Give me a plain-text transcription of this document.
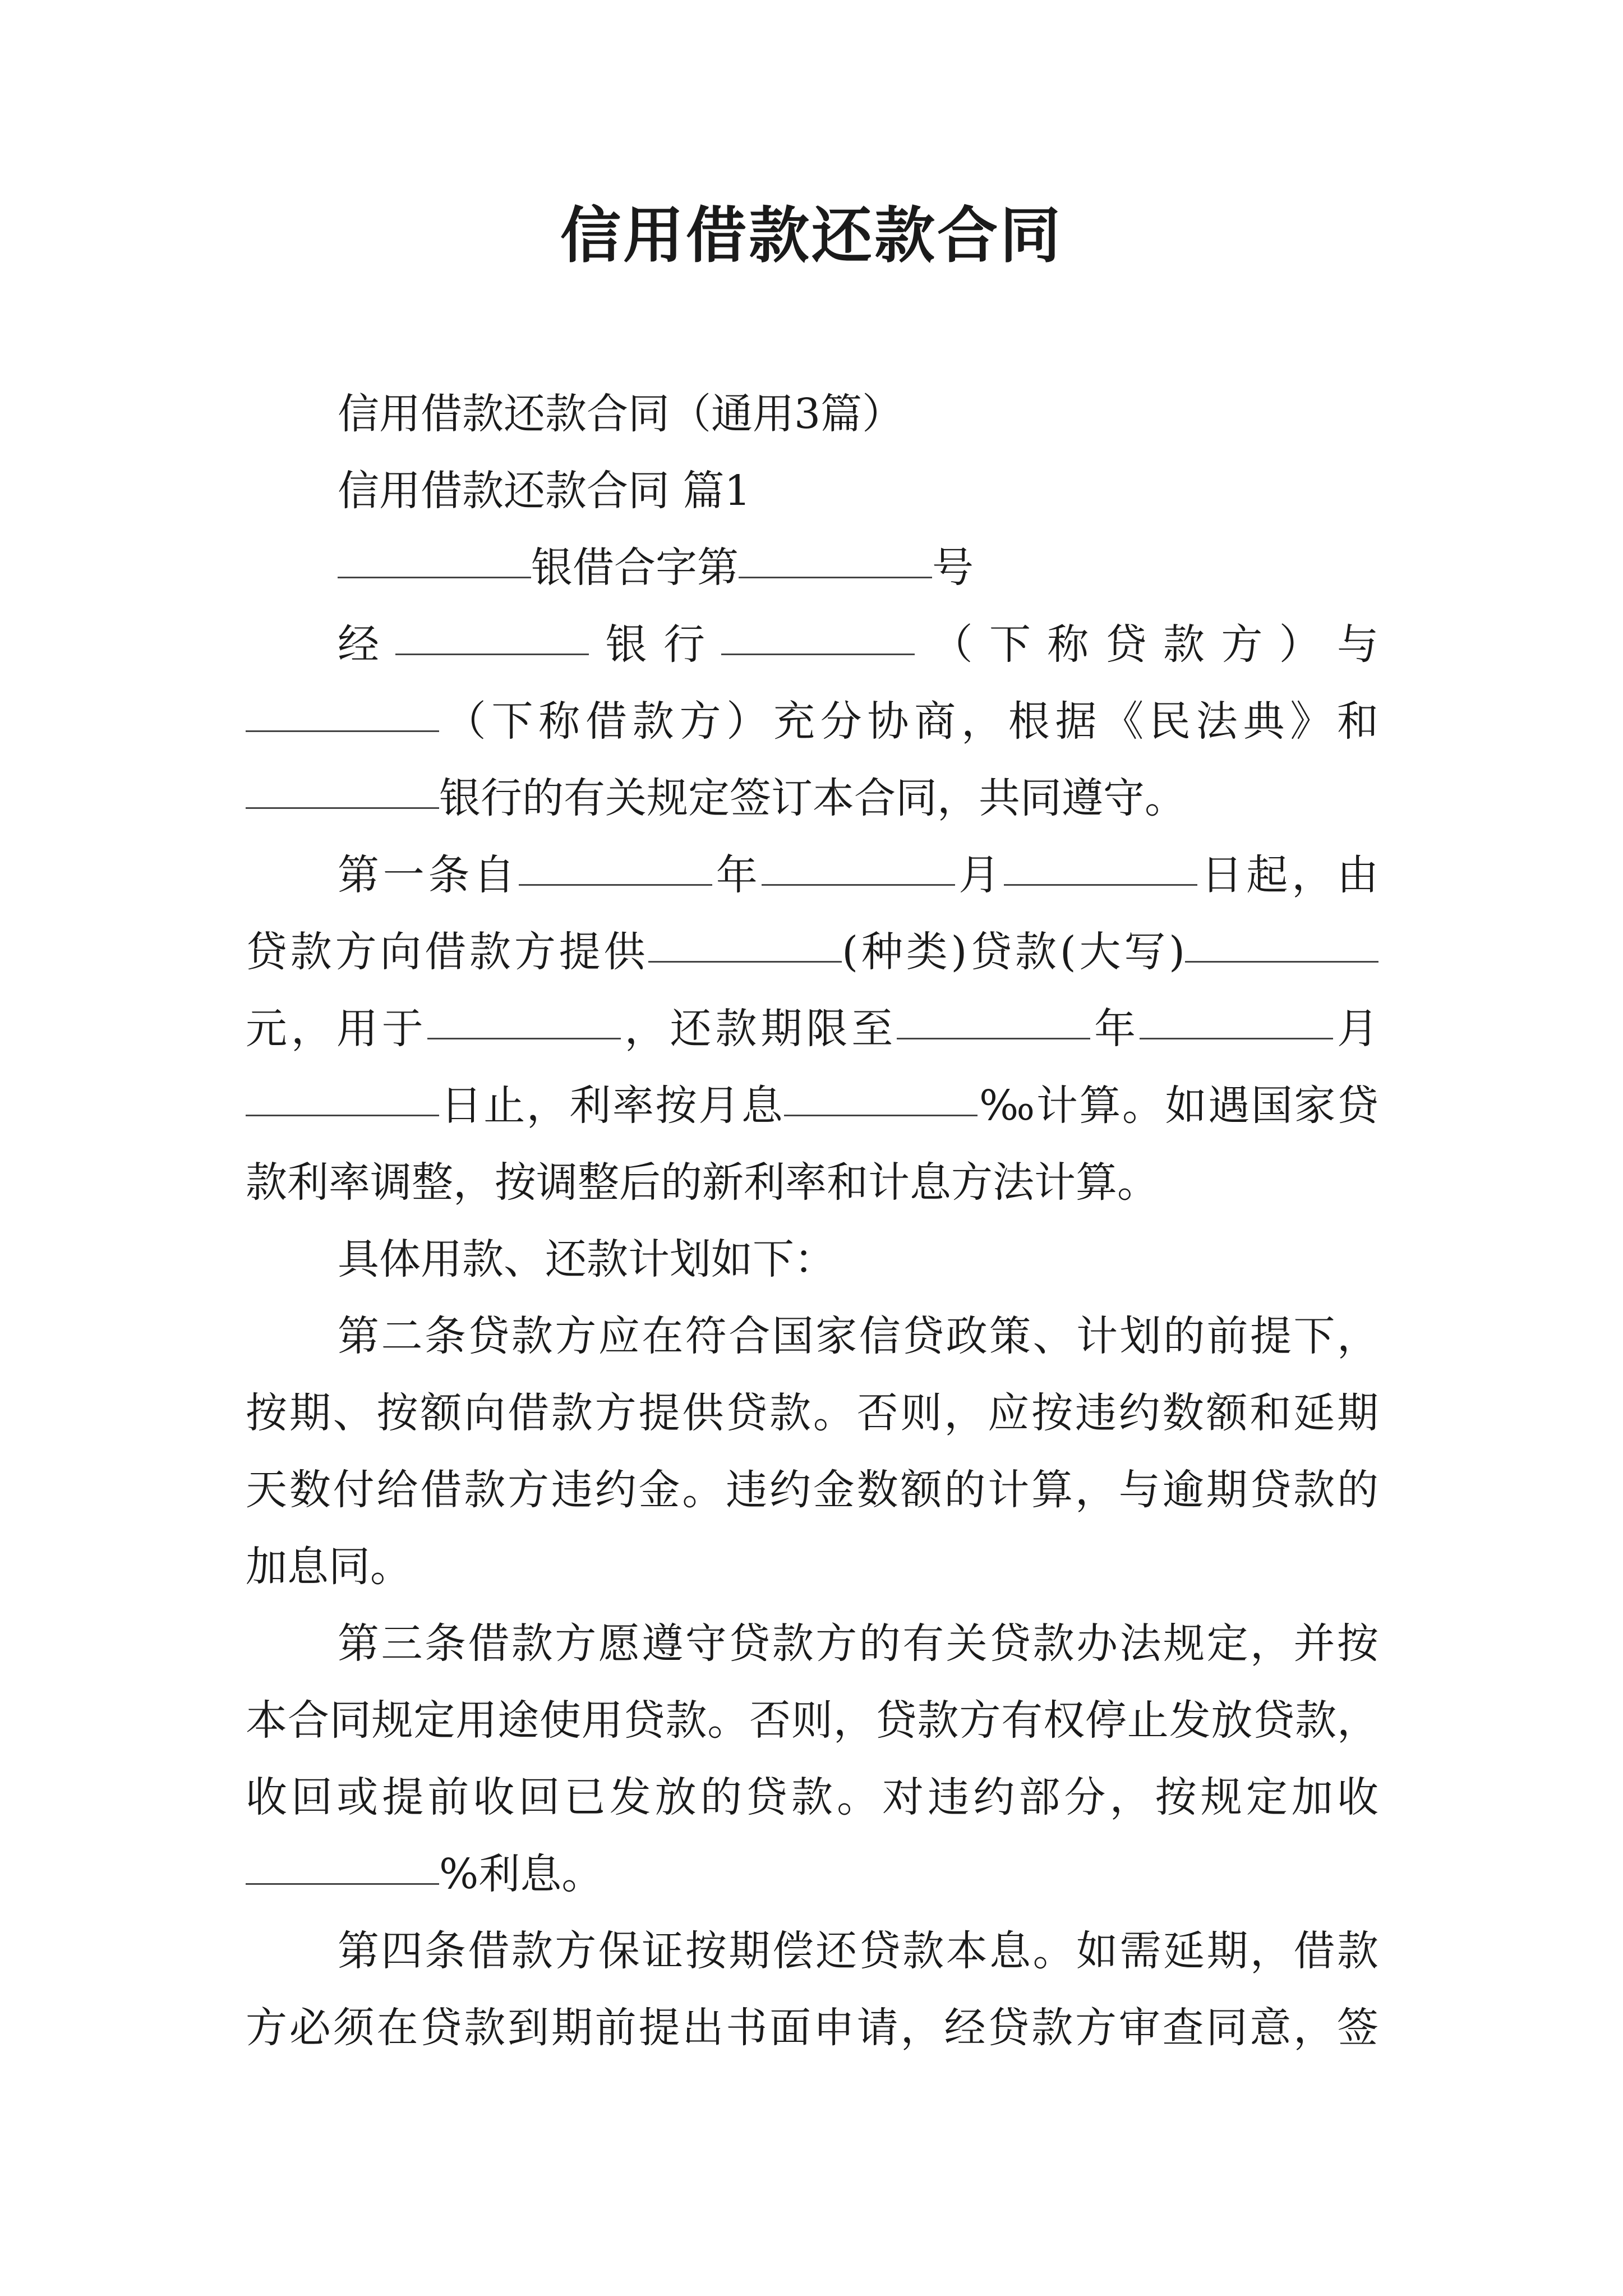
信用借款还款合同
信用借款还款合同（通用3篇）
信用借款还款合同 篇1
银借合字第	号
经	银行	（下称贷款方）与
（下称借款方）充分协商，根据《民法典》和
银行的有关规定签订本合同，共同遵守。
第一条自	年	月	日起，由
贷款方向借款方提供	(种类)贷款(大写)
元，用于	，还款期限至	年	月
日止，利率按月息	‰计算。如遇国家贷
款利率调整，按调整后的新利率和计息方法计算。
具体用款、还款计划如下：
第二条贷款方应在符合国家信贷政策、计划的前提下，
按期、按额向借款方提供贷款。否则，应按违约数额和延期
天数付给借款方违约金。违约金数额的计算，与逾期贷款的
加息同。
第三条借款方愿遵守贷款方的有关贷款办法规定，并按
本合同规定用途使用贷款。否则，贷款方有权停止发放贷款，
收回或提前收回已发放的贷款。对违约部分，按规定加收
%利息。
第四条借款方保证按期偿还贷款本息。如需延期，借款
方必须在贷款到期前提出书面申请，经贷款方审查同意，签
